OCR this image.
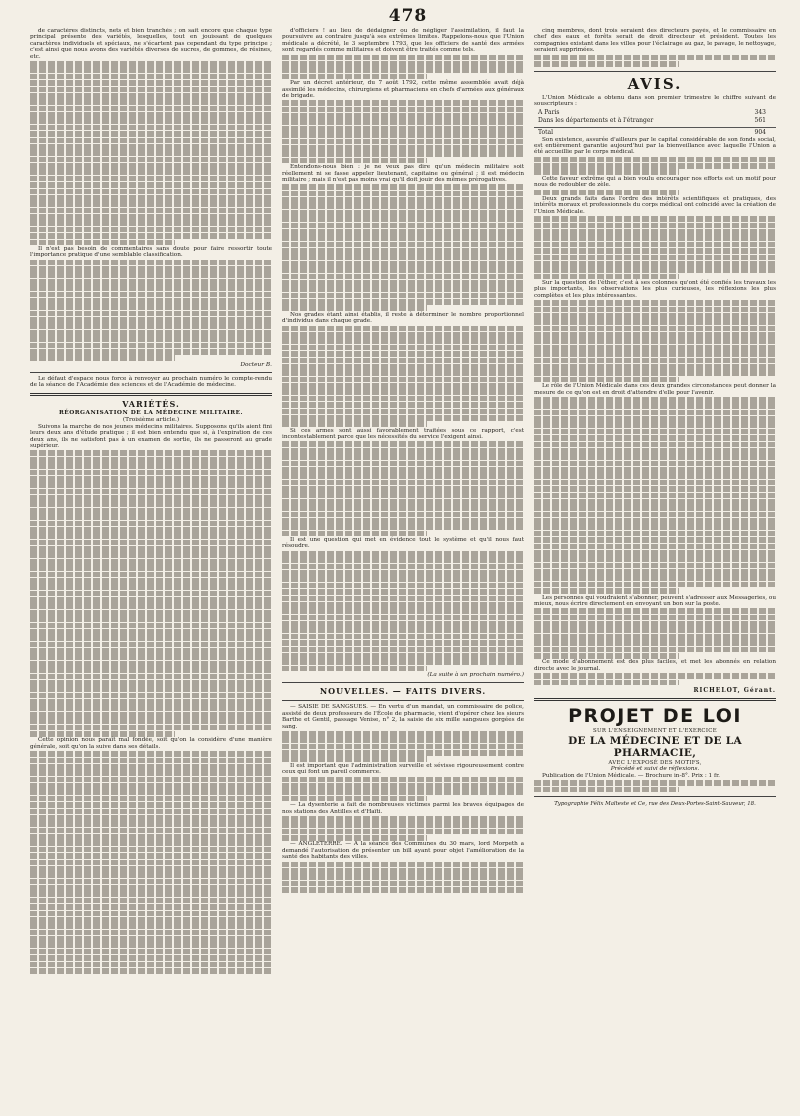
478

de caractères distincts, nets et bien tranchés ; on sait encore que chaque type principal présente des variétés, lesquelles, tout en jouissant de quelques caractères individuels et spéciaux, ne s'écartent pas cependant du type principe ; c'est ainsi que nous avons des variétés diverses de sucres, de gommes, de résines, etc.

Il n'est pas besoin de commentaires sans doute pour faire ressortir toute l'importance pratique d'une semblable classification.

Docteur B.

Le défaut d'espace nous force à renvoyer au prochain numéro le compte-rendu de la séance de l'Académie des sciences et de l'Académie de médecine.

VARIÉTÉS.
RÉORGANISATION DE LA MÉDECINE MILITAIRE.
(Troisième article.)

Suivons la marche de nos jeunes médecins militaires. Supposons qu'ils aient fini leurs deux ans d'étude pratique ; il est bien entendu que si, à l'expiration de ces deux ans, ils ne satisfont pas à un examen de sortie, ils ne passeront au grade supérieur.

Cette opinion nous paraît mal fondée, soit qu'on la considère d'une manière générale, soit qu'on la suive dans ses détails.

d'officiers ! au lieu de dédaigner ou de négliger l'assimilation, il faut la poursuivre au contraire jusqu'à ses extrêmes limites. Rappelons-nous que l'Union médicale a décrété, le 3 septembre 1793, que les officiers de santé des armées sont regardés comme militaires et doivent être traités comme tels.

Par un décret antérieur, du 7 août 1792, cette même assemblée avait déjà assimilé les médecins, chirurgiens et pharmaciens en chefs d'armées aux généraux de brigade.

Entendons-nous bien : je ne veux pas dire qu'un médecin militaire soit réellement ni se fasse appeler lieutenant, capitaine ou général ; il est médecin militaire ; mais il n'est pas moins vrai qu'il doit jouir des mêmes prérogatives.

Nos grades étant ainsi établis, il reste à déterminer le nombre proportionnel d'individus dans chaque grade.

Si ces armes sont aussi favorablement traitées sous ce rapport, c'est incontestablement parce que les nécessités du service l'exigent ainsi.

Il est une question qui met en évidence tout le système et qu'il nous faut résoudre.

(La suite à un prochain numéro.)
NOUVELLES. — FAITS DIVERS.

— SAISIE DE SANGSUES. — En vertu d'un mandat, un commissaire de police, assisté de deux professeurs de l'École de pharmacie, vient d'opérer chez les sieurs Barthe et Gentil, passage Venise, n° 2, la saisie de six mille sangsues gorgées de sang.

Il est important que l'administration surveille et sévisse rigoureusement contre ceux qui font un pareil commerce.

— La dysenterie a fait de nombreuses victimes parmi les braves équipages de nos stations des Antilles et d'Haïti.

— ANGLETERRE. — A la séance des Communes du 30 mars, lord Morpeth a demandé l'autorisation de présenter un bill ayant pour objet l'amélioration de la santé des habitants des villes.

cinq membres, dont trois seraient des directeurs payés, et le commissaire en chef des eaux et forêts serait de droit directeur et président. Toutes les compagnies existant dans les villes pour l'éclairage au gaz, le pavage, le nettoyage, seraient supprimées.

AVIS.

L'Union Médicale a obtenu dans son premier trimestre le chiffre suivant de souscripteurs :

A Paris	343
Dans les départements et à l'étranger	561
Total	904

Son existence, assurée d'ailleurs par le capital considérable de son fonds social, est entièrement garantie aujourd'hui par la bienveillance avec laquelle l'Union a été accueillie par le corps médical.

Cette faveur extrême qui a bien voulu encourager nos efforts est un motif pour nous de redoubler de zèle.

Deux grands faits dans l'ordre des intérêts scientifiques et pratiques, des intérêts moraux et professionnels du corps médical ont coïncidé avec la création de l'Union Médicale.

Sur la question de l'éther, c'est à ses colonnes qu'ont été confiés les travaux les plus importants, les observations les plus curieuses, les réflexions les plus complètes et les plus intéressantes.

Le rôle de l'Union Médicale dans ces deux grandes circonstances peut donner la mesure de ce qu'on est en droit d'attendre d'elle pour l'avenir.

Les personnes qui voudraient s'abonner, peuvent s'adresser aux Messageries, ou mieux, nous écrire directement en envoyant un bon sur la poste.

Ce mode d'abonnement est des plus faciles, et met les abonnés en relation directe avec le journal.

RICHELOT, Gérant.
PROJET DE LOI
SUR L'ENSEIGNEMENT ET L'EXERCICE
DE LA MÉDECINE ET DE LA PHARMACIE,
AVEC L'EXPOSÉ DES MOTIFS,
Précédé et suivi de réflexions.

Publication de l'Union Médicale. — Brochure in-8°. Prix : 1 fr.

Typographie Félix Malteste et Ce, rue des Deux-Portes-Saint-Sauveur, 18.
